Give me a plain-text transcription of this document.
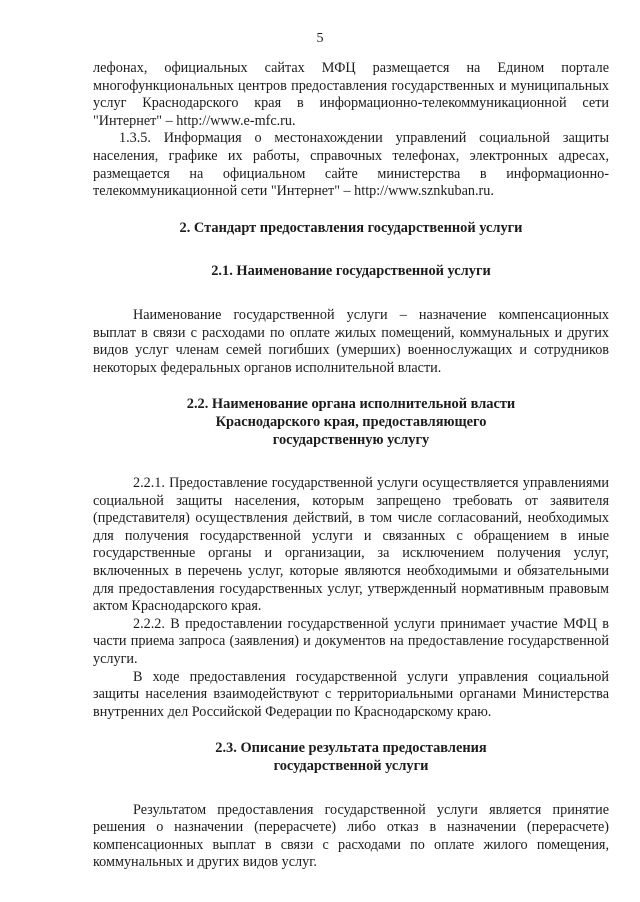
5

лефонах, официальных сайтах МФЦ размещается на Едином портале многофункциональных центров предоставления государственных и муниципальных услуг Краснодарского края в информационно-телекоммуникационной сети "Интернет" – http://www.e-mfc.ru.

1.3.5. Информация о местонахождении управлений социальной защиты населения, графике их работы, справочных телефонах, электронных адресах, размещается на официальном сайте министерства в информационно-телекоммуникационной сети "Интернет" – http://www.sznkuban.ru.

2. Стандарт предоставления государственной услуги

2.1. Наименование государственной услуги

Наименование государственной услуги – назначение компенсационных выплат в связи с расходами по оплате жилых помещений, коммунальных и других видов услуг членам семей погибших (умерших) военнослужащих и сотрудников некоторых федеральных органов исполнительной власти.

2.2. Наименование органа исполнительной власти

Краснодарского края, предоставляющего

государственную услугу

2.2.1. Предоставление государственной услуги осуществляется управлениями социальной защиты населения, которым запрещено требовать от заявителя (представителя) осуществления действий, в том числе согласований, необходимых для получения государственной услуги и связанных с обращением в иные государственные органы и организации, за исключением получения услуг, включенных в перечень услуг, которые являются необходимыми и обязательными для предоставления государственных услуг, утвержденный нормативным правовым актом Краснодарского края.

2.2.2. В предоставлении государственной услуги принимает участие МФЦ в части приема запроса (заявления) и документов на предоставление государственной услуги.

В ходе предоставления государственной услуги управления социальной защиты населения взаимодействуют с территориальными органами Министерства внутренних дел Российской Федерации по Краснодарскому краю.

2.3. Описание результата предоставления

государственной услуги

Результатом предоставления государственной услуги является принятие решения о назначении (перерасчете) либо отказ в назначении (перерасчете) компенсационных выплат в связи с расходами по оплате жилого помещения, коммунальных и других видов услуг.
